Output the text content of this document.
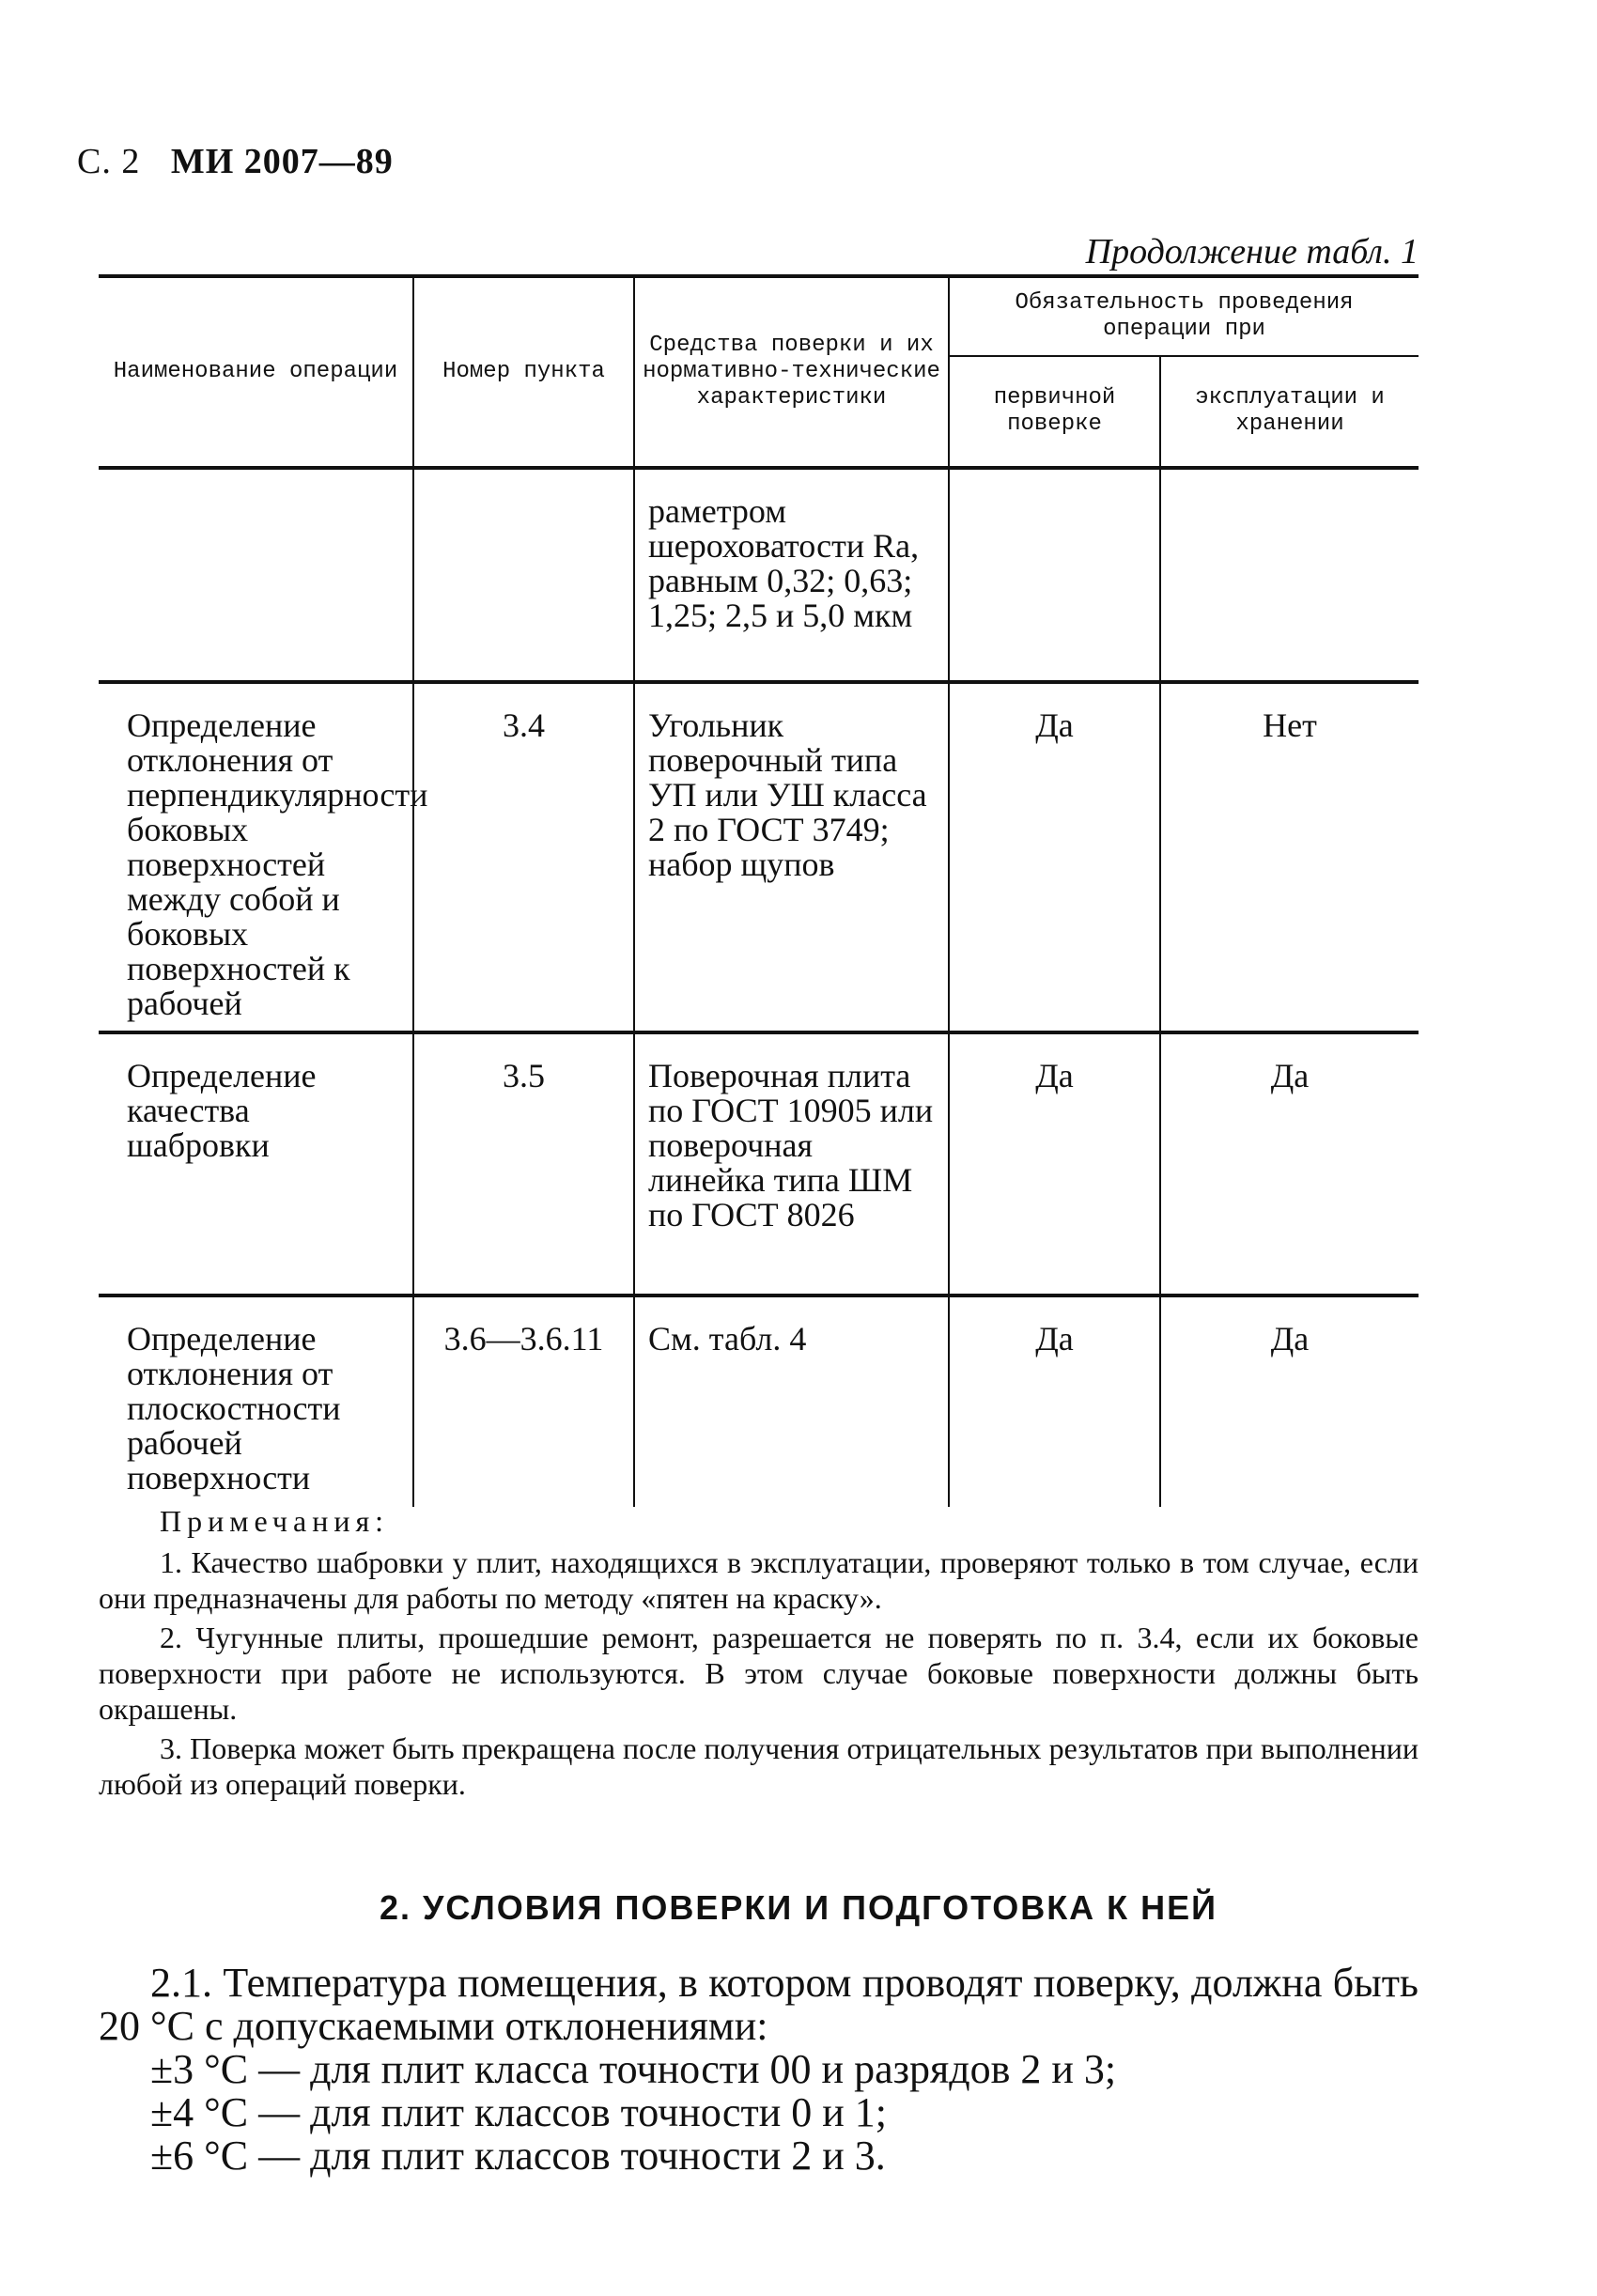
С. 2 МИ 2007—89
Продолжение табл. 1
Наименование операции	Номер пункта	Средства поверки и их нормативно-технические характеристики	Обязательность проведения операции при	
			первичной поверке	эксплуатации и хранении
		раметром шероховатости Ra, равным 0,32; 0,63; 1,25; 2,5 и 5,0 мкм		
Определение отклонения от перпендикулярности боковых поверхностей между собой и боковых поверхностей к рабочей	3.4	Угольник поверочный типа УП или УШ класса 2 по ГОСТ 3749; набор щупов	Да	Нет
Определение качества шабровки	3.5	Поверочная плита по ГОСТ 10905 или поверочная линейка типа ШМ по ГОСТ 8026	Да	Да
Определение отклонения от плоскостности рабочей поверхности	3.6—3.6.11	См. табл. 4	Да	Да
Примечания:

1. Качество шабровки у плит, находящихся в эксплуатации, проверяют только в том случае, если они предназначены для работы по методу «пятен на краску».

2. Чугунные плиты, прошедшие ремонт, разрешается не поверять по п. 3.4, если их боковые поверхности при работе не используются. В этом случае боковые поверхности должны быть окрашены.

3. Поверка может быть прекращена после получения отрицательных результатов при выполнении любой из операций поверки.

2. УСЛОВИЯ ПОВЕРКИ И ПОДГОТОВКА К НЕЙ

2.1. Температура помещения, в котором проводят поверку, должна быть 20 °С с допускаемыми отклонениями:

±3 °С — для плит класса точности 00 и разрядов 2 и 3;

±4 °С — для плит классов точности 0 и 1;

±6 °С — для плит классов точности 2 и 3.
